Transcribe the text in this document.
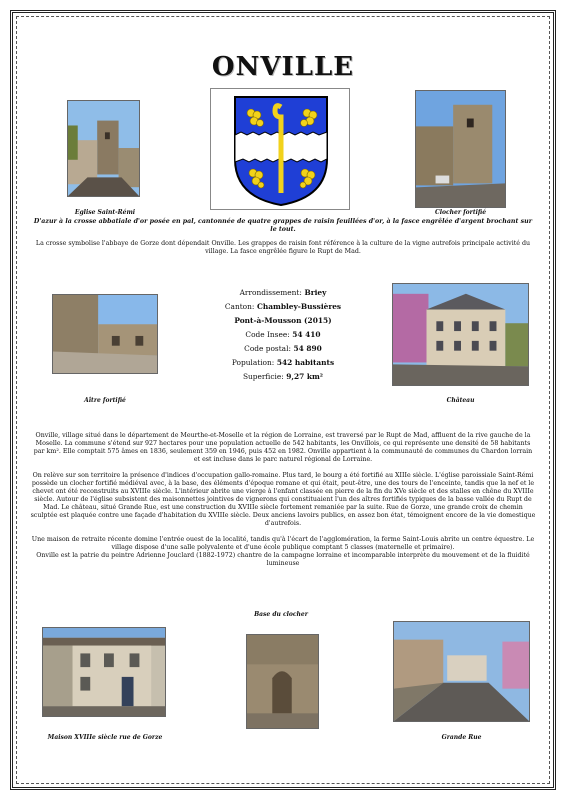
ONVILLE
Eglise Saint-Rémi	Clocher fortifié
D'azur à la crosse abbatiale d'or posée en pal, cantonnée de quatre grappes de raisin feuillées d'or, à la fasce engrêlée d'argent brochant sur le tout.
La crosse symbolise l'abbaye de Gorze dont dépendait Onville. Les grappes de raisin font référence à la culture de la vigne autrefois principale activité du village. La fasce engrêlée figure le Rupt de Mad.
Aître fortifié
Arrondissement: Briey
Canton: Chambley-Bussières
Pont-à-Mousson (2015)
Code Insee: 54 410
Code postal: 54 890
Population: 542 habitants
Superficie: 9,27 km²
Château
Onville, village situé dans le département de Meurthe-et-Moselle et la région de Lorraine, est traversé par le Rupt de Mad, affluent de la rive gauche de la Moselle. La commune s'étend sur 927 hectares pour une population actuelle de 542 habitants, les Onvillois, ce qui représente une densité de 58 habitants par km². Elle comptait 575 âmes en 1836, seulement 359 en 1946, puis 452 en 1982. Onville appartient à la communauté de communes du Chardon lorrain et est incluse dans le parc naturel régional de Lorraine.
On relève sur son territoire la présence d'indices d'occupation gallo-romaine. Plus tard, le bourg a été fortifié au XIIIe siècle. L'église paroissiale Saint-Rémi possède un clocher fortifié médiéval avec, à la base, des éléments d'époque romane et qui était, peut-être, une des tours de l'enceinte, tandis que la nef et le chevet ont été reconstruits au XVIIIe siècle. L'intérieur abrite une vierge à l'enfant classée en pierre de la fin du XVe siècle et des stalles en chêne du XVIIIe siècle. Autour de l'église subsistent des maisonnettes jointives de vignerons qui constituaient l'un des aîtres fortifiés typiques de la basse vallée du Rupt de Mad. Le château, situé Grande Rue, est une construction du XVIIIe siècle fortement remaniée par la suite. Rue de Gorze, une grande croix de chemin sculptée est plaquée contre une façade d'habitation du XVIIIe siècle. Deux anciens lavoirs publics, en assez bon état, témoignent encore de la vie domestique d'autrefois.
Une maison de retraite récente domine l'entrée ouest de la localité, tandis qu'à l'écart de l'agglomération, la ferme Saint-Louis abrite un centre équestre. Le village dispose d'une salle polyvalente et d'une école publique comptant 5 classes (maternelle et primaire).
Onville est la patrie du peintre Adrienne Jouclard (1882-1972) chantre de la campagne lorraine et incomparable interprète du mouvement et de la fluidité lumineuse
Base du clocher
Maison XVIIIe siècle rue de Gorze	Grande Rue
